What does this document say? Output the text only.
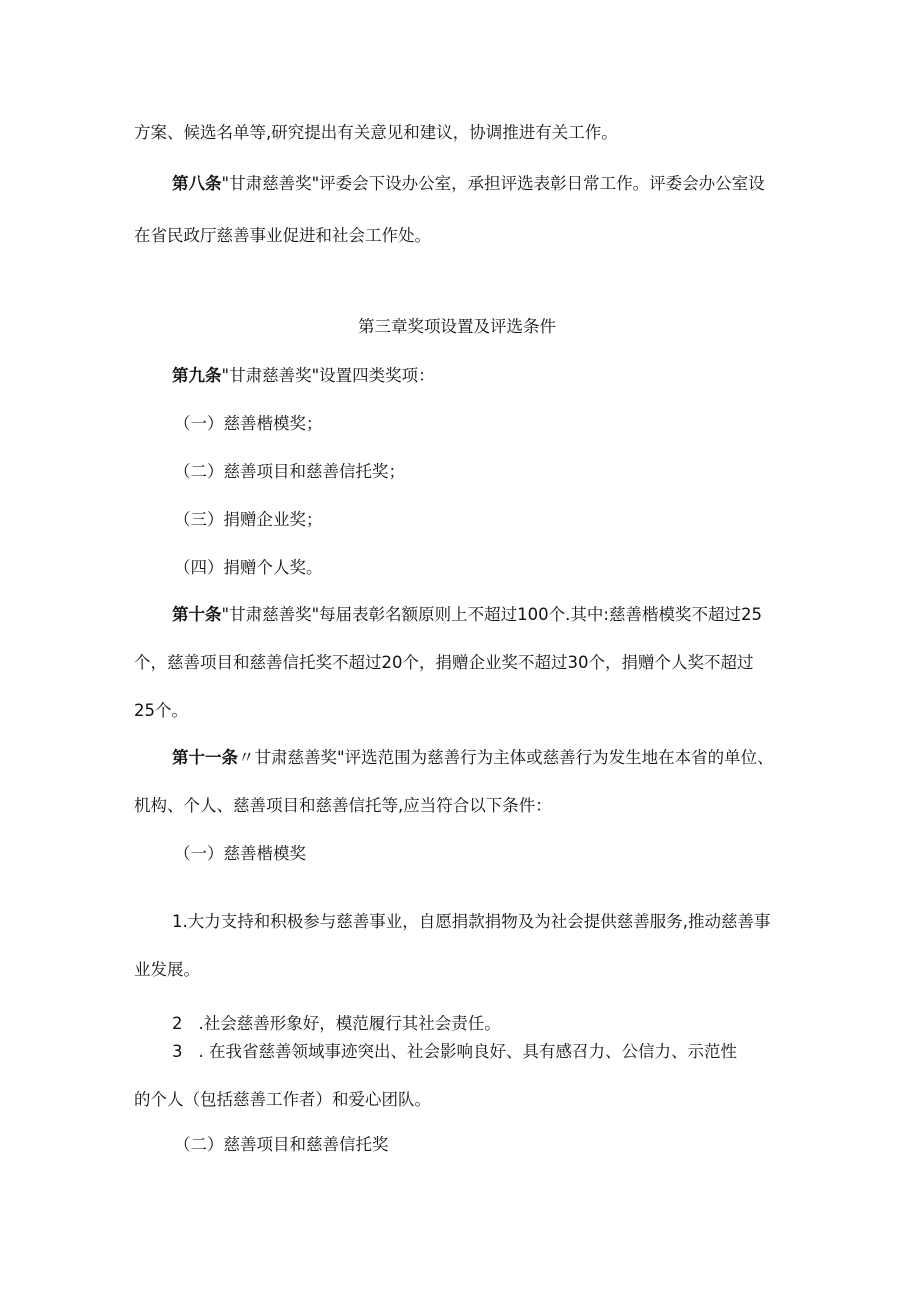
方案、候选名单等,研究提出有关意见和建议，协调推进有关工作。
第八条"甘肃慈善奖"评委会下设办公室，承担评选表彰日常工作。评委会办公室设
在省民政厅慈善事业促进和社会工作处。
第三章奖项设置及评选条件
第九条"甘肃慈善奖"设置四类奖项：
（一）慈善楷模奖；
（二）慈善项目和慈善信托奖；
（三）捐赠企业奖；
（四）捐赠个人奖。
第十条"甘肃慈善奖"每届表彰名额原则上不超过100个.其中:慈善楷模奖不超过25
个，慈善项目和慈善信托奖不超过20个，捐赠企业奖不超过30个，捐赠个人奖不超过
25个。
第十一条〃甘肃慈善奖"评选范围为慈善行为主体或慈善行为发生地在本省的单位、
机构、个人、慈善项目和慈善信托等,应当符合以下条件：
（一）慈善楷模奖
1.大力支持和积极参与慈善事业，自愿捐款捐物及为社会提供慈善服务,推动慈善事
业发展。
2 .社会慈善形象好，模范履行其社会责任。
3 . 在我省慈善领域事迹突出、社会影响良好、具有感召力、公信力、示范性
的个人（包括慈善工作者）和爱心团队。
（二）慈善项目和慈善信托奖
